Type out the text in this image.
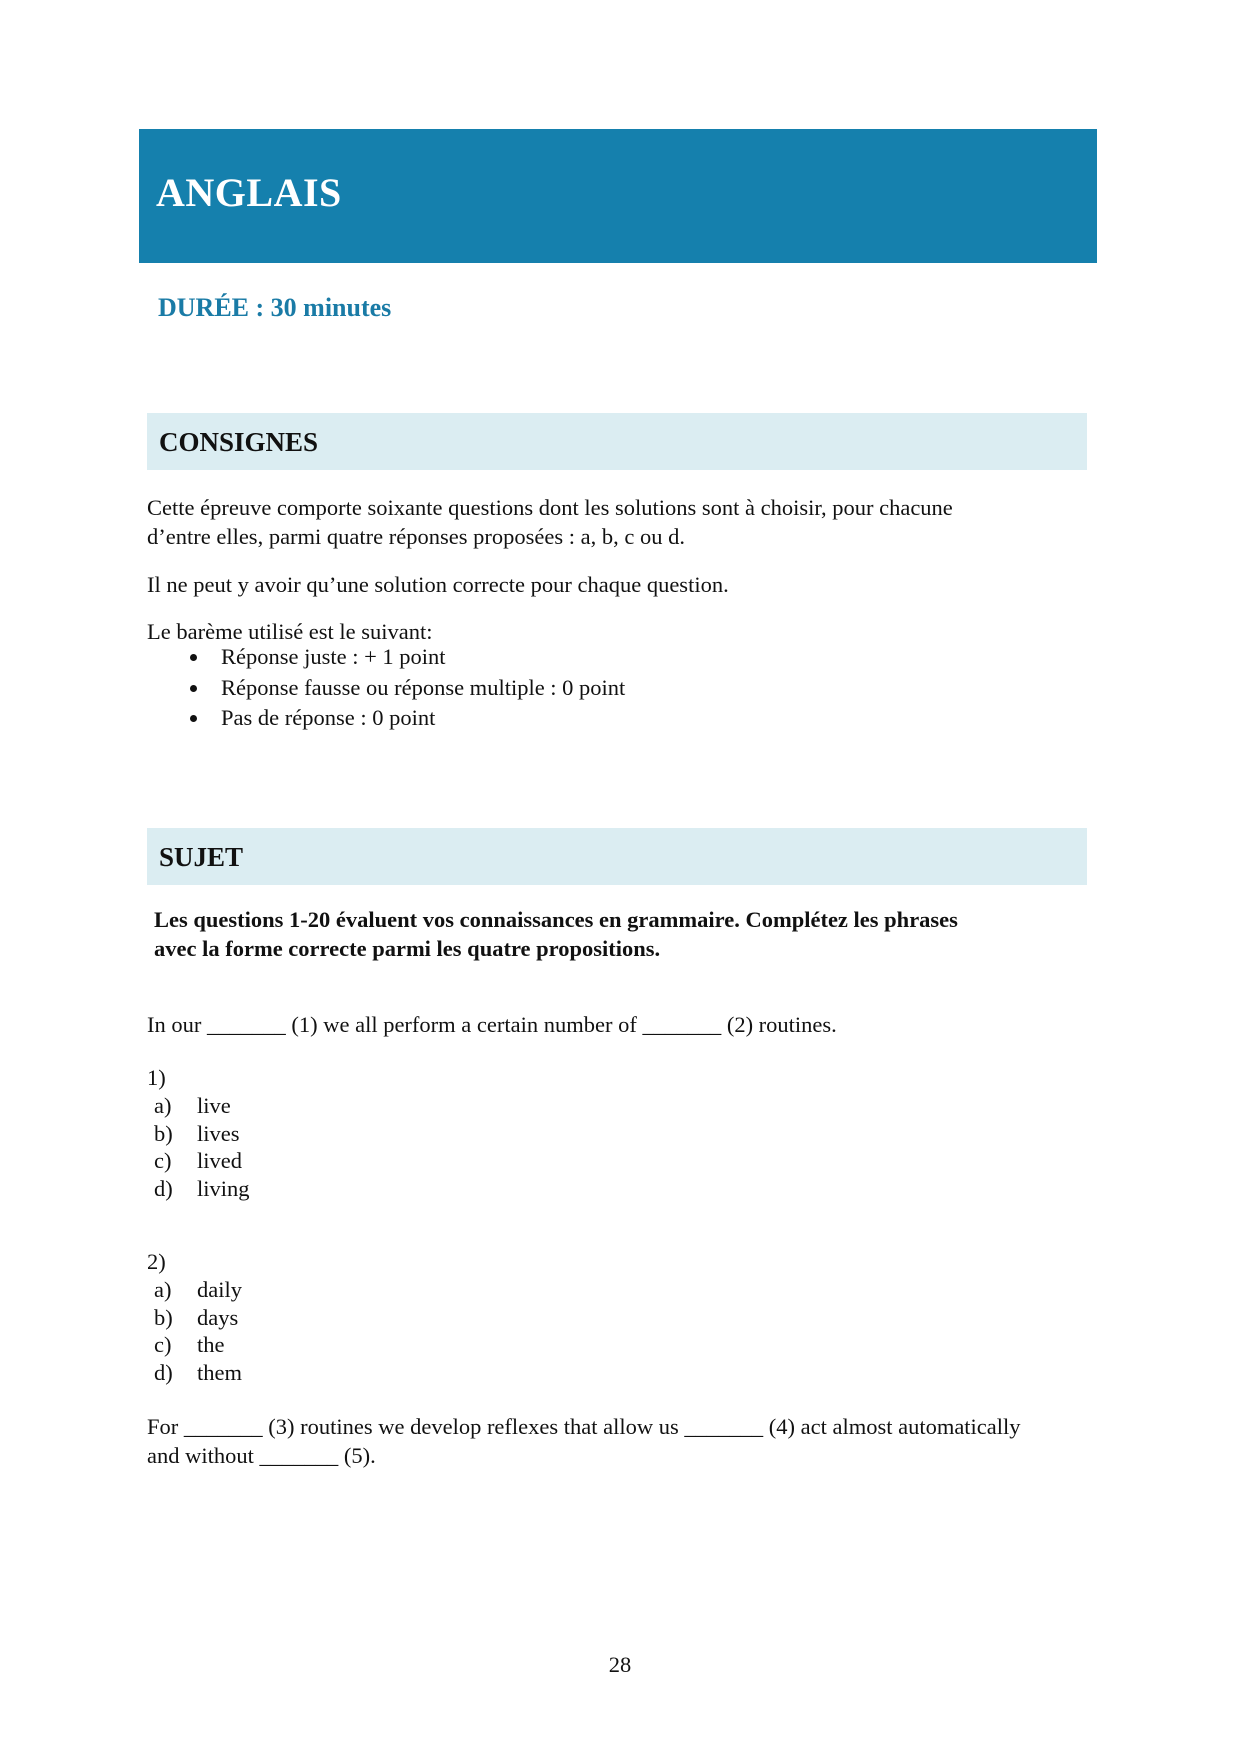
ANGLAIS
DURÉE : 30 minutes
CONSIGNES
Cette épreuve comporte soixante questions dont les solutions sont à choisir, pour chacune
d’entre elles, parmi quatre réponses proposées : a, b, c ou d.
Il ne peut y avoir qu’une solution correcte pour chaque question.
Le barème utilisé est le suivant:
Réponse juste : + 1 point
Réponse fausse ou réponse multiple : 0 point
Pas de réponse : 0 point
SUJET
Les questions 1-20 évaluent vos connaissances en grammaire. Complétez les phrases
avec la forme correcte parmi les quatre propositions.
In our _______ (1) we all perform a certain number of _______ (2) routines.
1)
a) live
b) lives
c) lived
d) living
2)
a) daily
b) days
c) the
d) them
For _______ (3) routines we develop reflexes that allow us _______ (4) act almost automatically
and without _______ (5).
28
